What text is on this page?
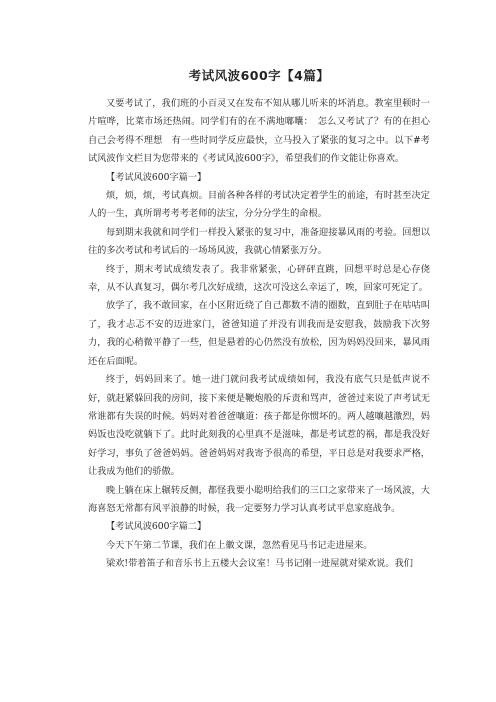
考试风波600字【4篇】

又要考试了，我们班的小百灵又在发布不知从哪儿听来的坏消息。教室里顿时一片喧哗，比菜市场还热闹。同学们有的在不满地嘟囔：　怎么又考试了？有的在担心自己会考得不理想　有一些时同学反应最快，立马投入了紧张的复习之中。以下#考试风波作文栏目为您带来的《考试风波600字》，希望我们的作文能让你喜欢。

【考试风波600字篇一】

烦，烦，烦，考试真烦。目前各种各样的考试决定着学生的前途，有时甚至决定人的一生，真所谓考考考老师的法宝，分分分学生的命根。

每到期末我就和同学们一样投入紧张的复习中，准备迎接暴风雨的考验。回想以往的多次考试和考试后的一场场风波，我就心情紧张万分。

终于，期末考试成绩发表了。我非常紧张，心砰砰直跳，回想平时总是心存侥幸，从不认真复习，偶尔考几次好成绩，这次可没这么幸运了，唉，回家可死定了。

放学了，我不敢回家，在小区附近绕了自己都数不清的圈数，直到肚子在咕咕叫了，我才忐忑不安的迈进家门，爸爸知道了并没有训我而是安慰我，鼓励我下次努力，我的心稍微平静了一些，但是悬着的心仍然没有放松，因为妈妈没回来，暴风雨还在后面呢。

终于，妈妈回来了。她一进门就问我考试成绩如何，我没有底气只是低声说不好，就赶紧躲回我的房间，接下来便是鞭炮般的斥责和骂声，爸爸过来说了声考试无常谁都有失误的时候。妈妈对着爸爸嚷道：孩子都是你惯坏的。两人越嚷越激烈，妈妈饭也没吃就躺下了。此时此刻我的心里真不是滋味，都是考试惹的祸，都是我没好好学习，事负了爸爸妈妈。爸爸妈妈对我寄予很高的希望，平日总是对我要求严格，让我成为他们的骄傲。

晚上躺在床上辗转反侧，都怪我要小聪明给我们的三口之家带来了一场风波，大海喜怒无常都有风平浪静的时候，我一定要努力学习认真考试平息家庭战争。

【考试风波600字篇二】

今天下午第二节课，我们在上徽文课，忽然看见马书记走进屋来。

梁欢!带着笛子和音乐书上五楼大会议室！马书记刚一进屋就对梁欢说。我们
